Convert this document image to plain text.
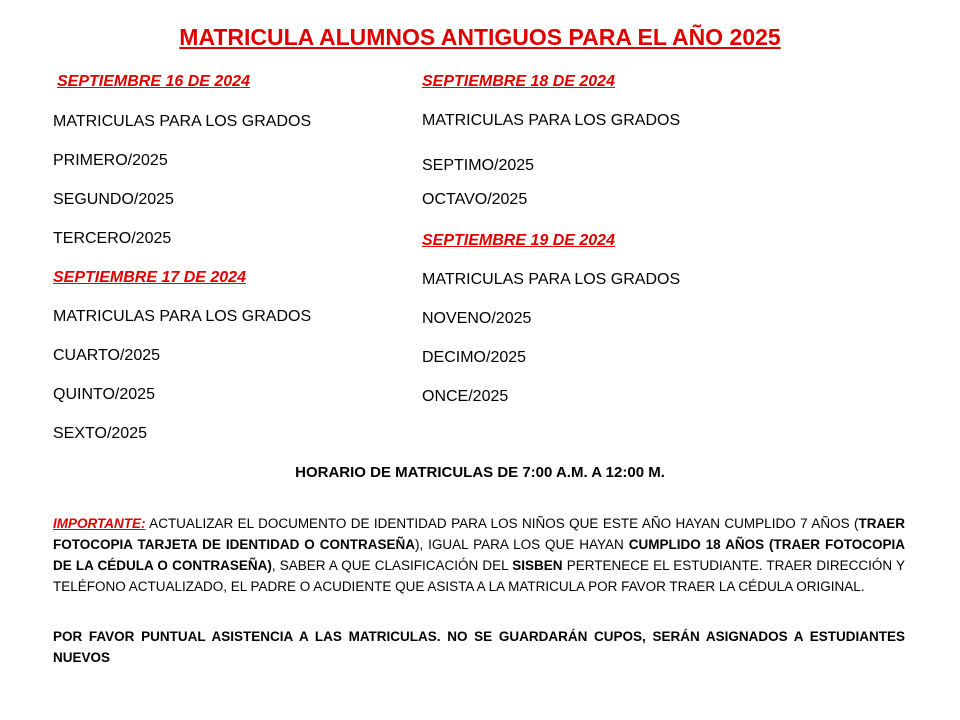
MATRICULA ALUMNOS ANTIGUOS PARA EL AÑO 2025
SEPTIEMBRE 16 DE 2024
MATRICULAS PARA LOS GRADOS
PRIMERO/2025
SEGUNDO/2025
TERCERO/2025
SEPTIEMBRE 17 DE 2024
MATRICULAS PARA LOS GRADOS
CUARTO/2025
QUINTO/2025
SEXTO/2025
SEPTIEMBRE 18 DE 2024
MATRICULAS PARA LOS GRADOS
SEPTIMO/2025
OCTAVO/2025
SEPTIEMBRE 19 DE 2024
MATRICULAS PARA LOS GRADOS
NOVENO/2025
DECIMO/2025
ONCE/2025
HORARIO DE MATRICULAS DE 7:00 A.M. A 12:00 M.
IMPORTANTE: ACTUALIZAR EL DOCUMENTO DE IDENTIDAD PARA LOS NIÑOS QUE ESTE AÑO HAYAN CUMPLIDO 7 AÑOS (TRAER FOTOCOPIA TARJETA DE IDENTIDAD O CONTRASEÑA), IGUAL PARA LOS QUE HAYAN CUMPLIDO 18 AÑOS (TRAER FOTOCOPIA DE LA CÉDULA O CONTRASEÑA), SABER A QUE CLASIFICACIÓN DEL SISBEN PERTENECE EL ESTUDIANTE. TRAER DIRECCIÓN Y TELÉFONO ACTUALIZADO, EL PADRE O ACUDIENTE QUE ASISTA A LA MATRICULA POR FAVOR TRAER LA CÉDULA ORIGINAL.
POR FAVOR PUNTUAL ASISTENCIA A LAS MATRICULAS. NO SE GUARDARÁN CUPOS, SERÁN ASIGNADOS A ESTUDIANTES NUEVOS
